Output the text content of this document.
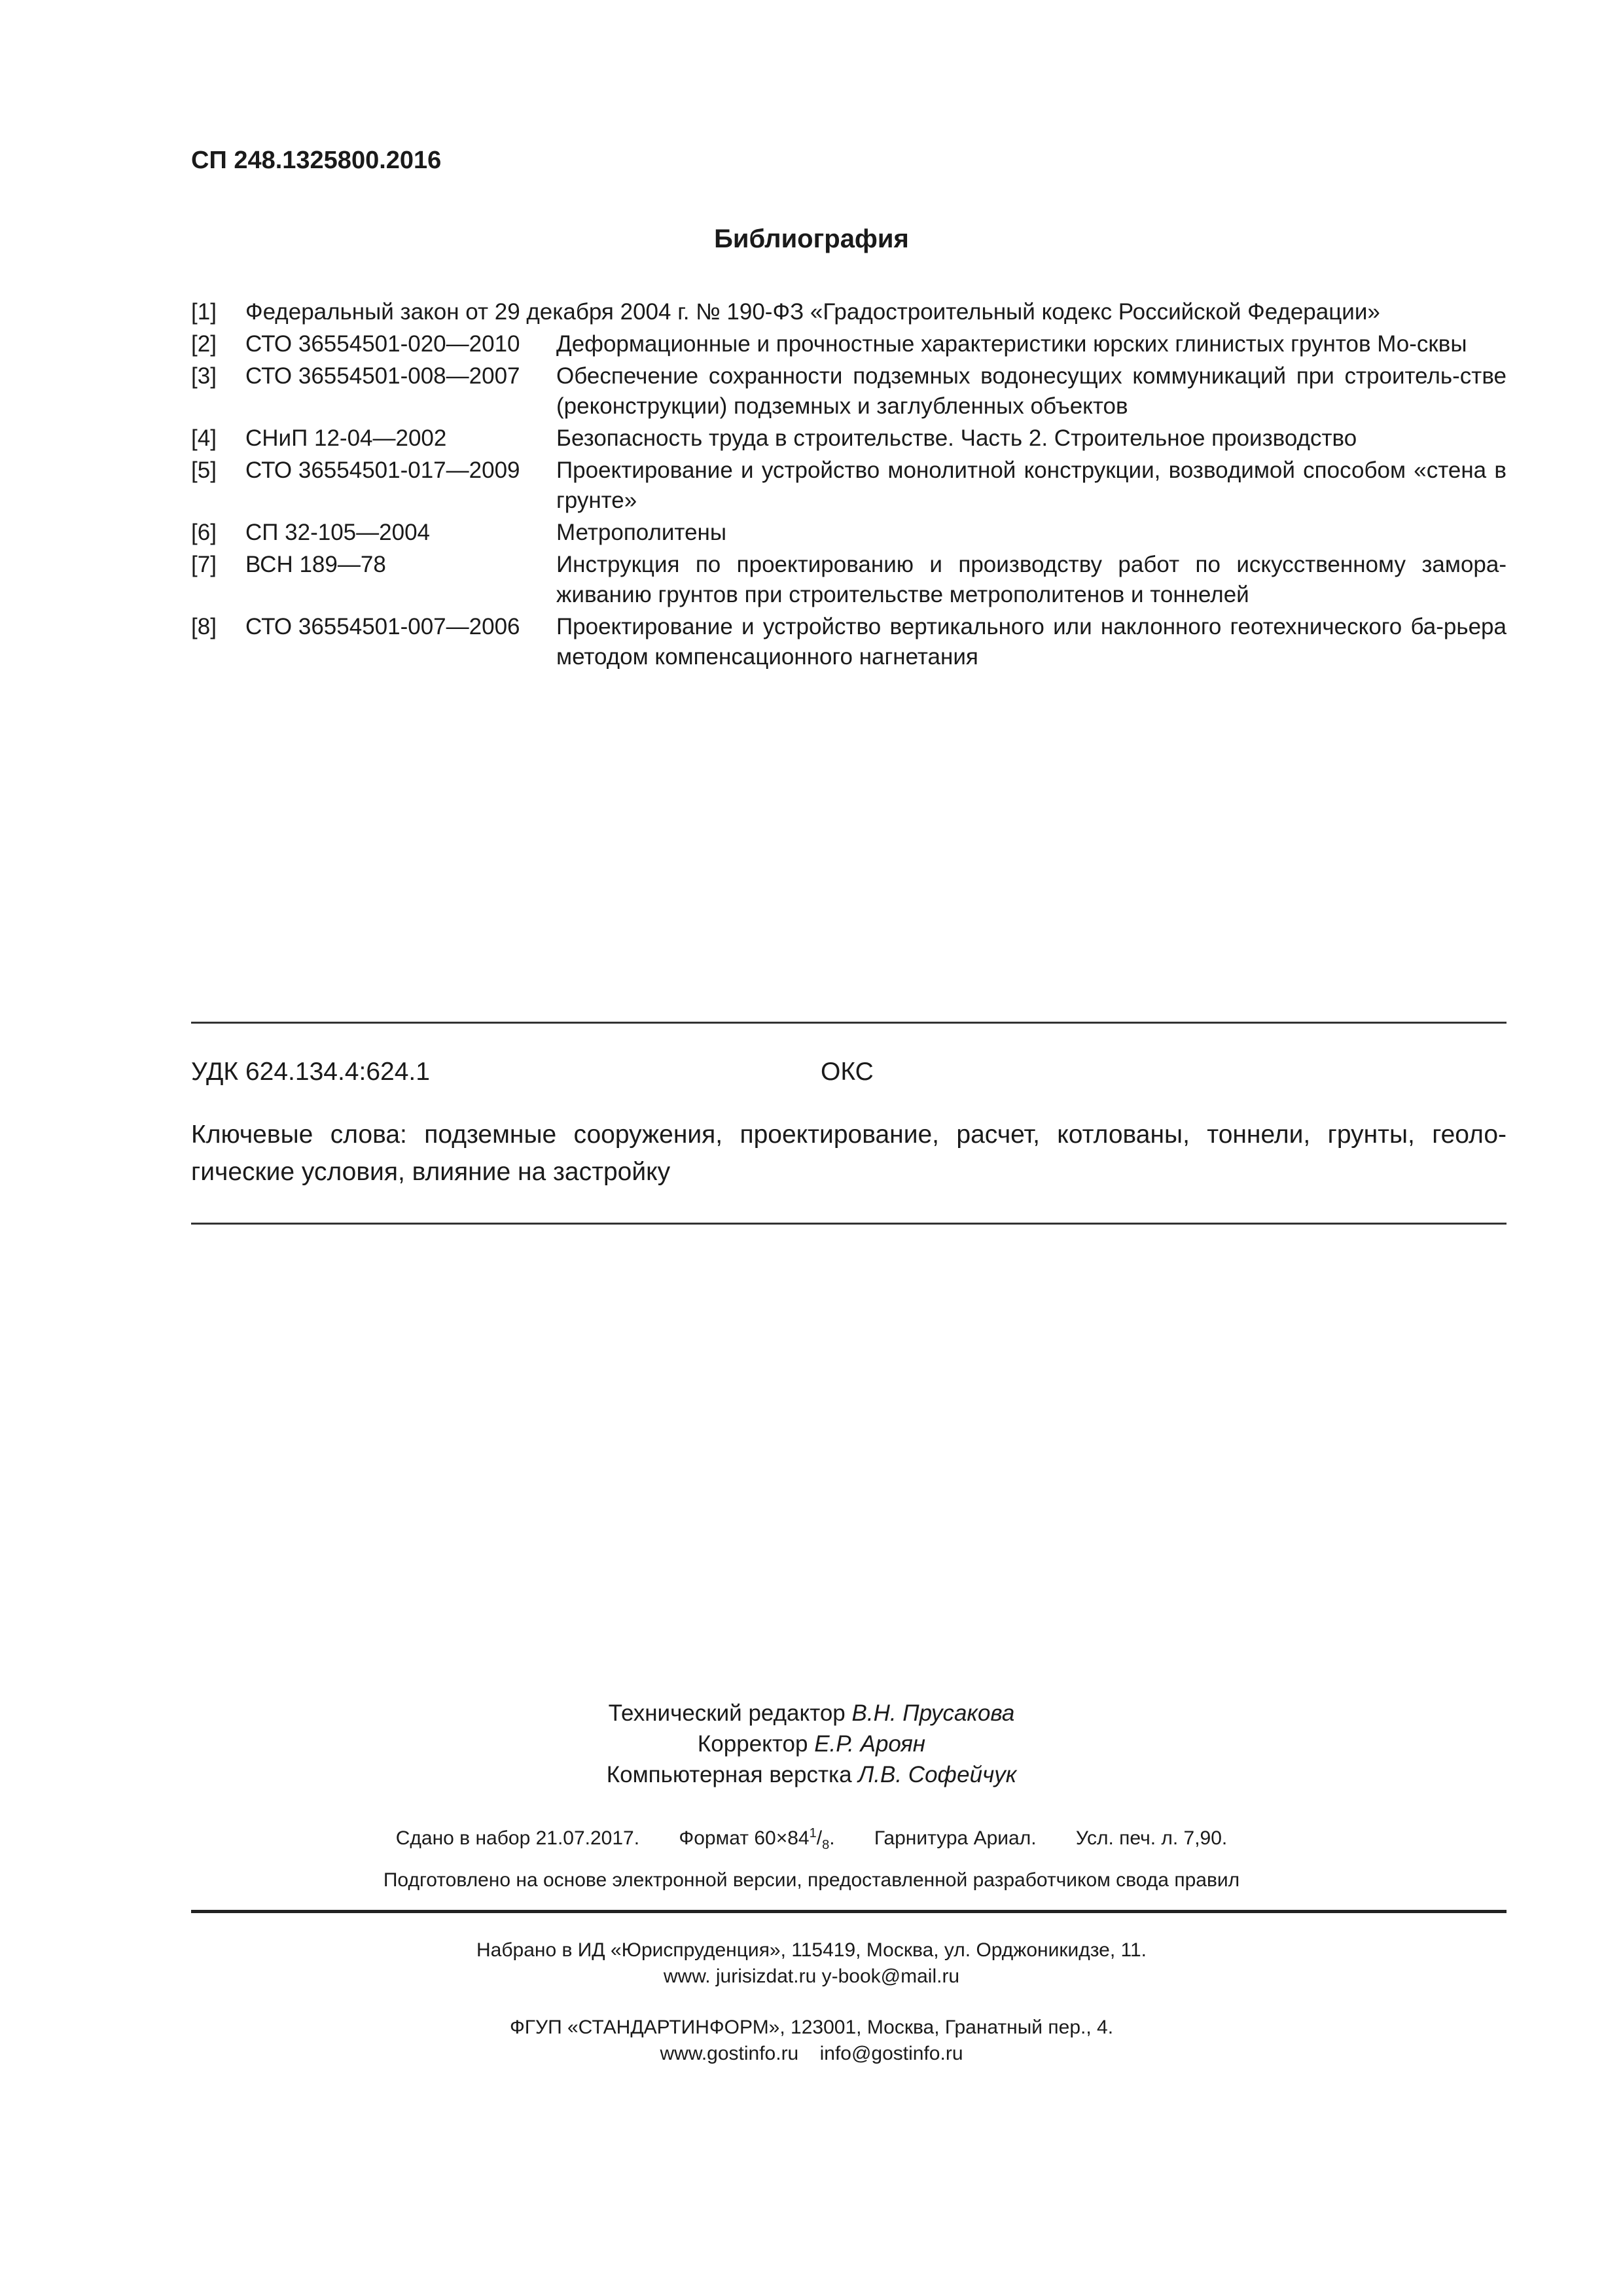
СП 248.1325800.2016
Библиография
[1]	Федеральный закон от 29 декабря 2004 г. № 190-ФЗ «Градостроительный кодекс Российской Федерации»
[2]	СТО 36554501-020—2010	Деформационные и прочностные характеристики юрских глинистых грунтов Мо-сквы
[3]	СТО 36554501-008—2007	Обеспечение сохранности подземных водонесущих коммуникаций при строитель-стве (реконструкции) подземных и заглубленных объектов
[4]	СНиП 12-04—2002	Безопасность труда в строительстве. Часть 2. Строительное производство
[5]	СТО 36554501-017—2009	Проектирование и устройство монолитной конструкции, возводимой способом «стена в грунте»
[6]	СП 32-105—2004	Метрополитены
[7]	ВСН 189—78	Инструкция по проектированию и производству работ по искусственному замора-живанию грунтов при строительстве метрополитенов и тоннелей
[8]	СТО 36554501-007—2006	Проектирование и устройство вертикального или наклонного геотехнического ба-рьера методом компенсационного нагнетания
УДК 624.134.4:624.1	ОКС
Ключевые слова: подземные сооружения, проектирование, расчет, котлованы, тоннели, грунты, геоло-гические условия, влияние на застройку
Технический редактор В.Н. Прусакова
Корректор Е.Р. Ароян
Компьютерная верстка Л.В. Софейчук
Сдано в набор 21.07.2017. Формат $60\times 84^1/_8$. Гарнитура Ариал. Усл. печ. л. 7,90.
Подготовлено на основе электронной версии, предоставленной разработчиком свода правил
Набрано в ИД «Юриспруденция», 115419, Москва, ул. Орджоникидзе, 11.
www. jurisizdat.ru y-book@mail.ru
ФГУП «СТАНДАРТИНФОРМ», 123001, Москва, Гранатный пер., 4.
www.gostinfo.ru info@gostinfo.ru
